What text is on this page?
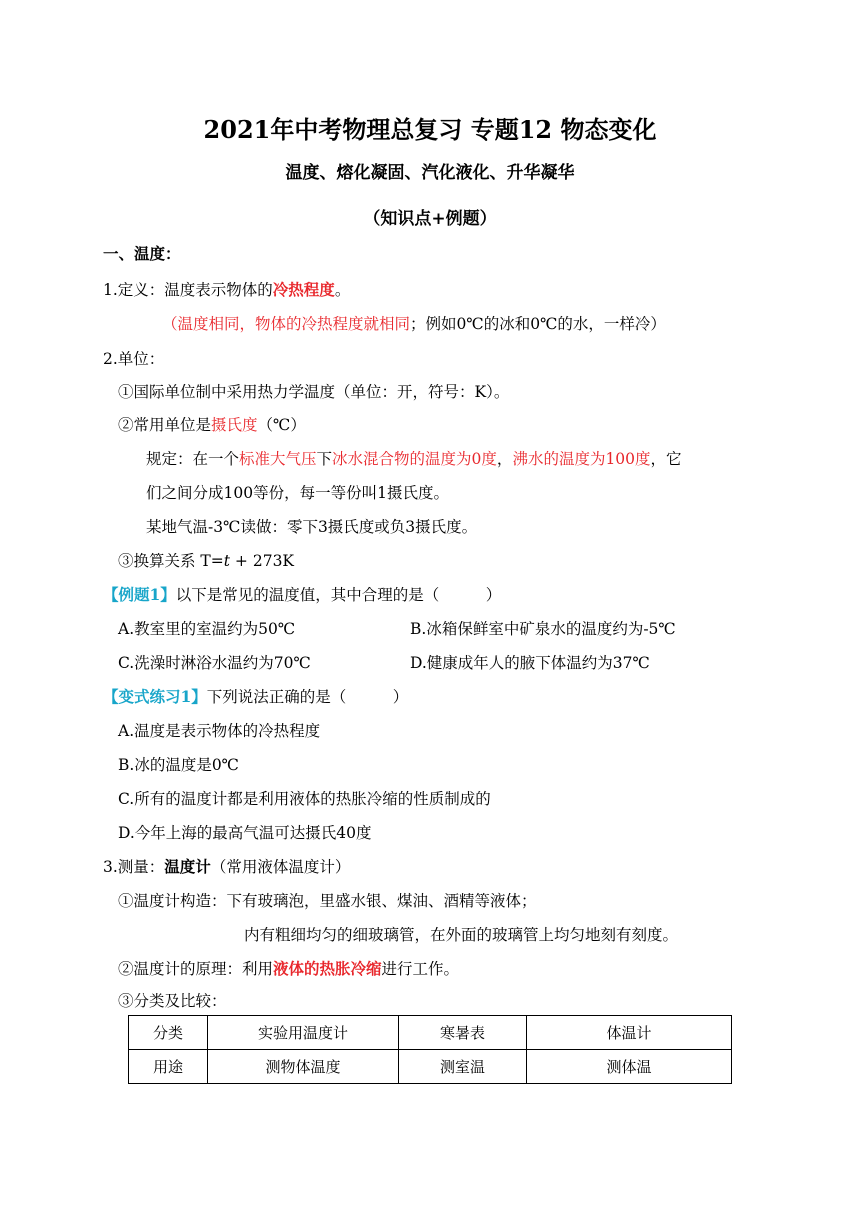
2021年中考物理总复习 专题12 物态变化
温度、熔化凝固、汽化液化、升华凝华
（知识点+例题）
一、温度：
1.定义：温度表示物体的冷热程度。
（温度相同，物体的冷热程度就相同；例如0℃的冰和0℃的水，一样冷）
2.单位：
①国际单位制中采用热力学温度（单位：开，符号：K）。
②常用单位是摄氏度（℃）
规定：在一个标准大气压下冰水混合物的温度为0度，沸水的温度为100度，它
们之间分成100等份，每一等份叫1摄氏度。
某地气温-3℃读做：零下3摄氏度或负3摄氏度。
③换算关系 T=t + 273K
【例题1】以下是常见的温度值，其中合理的是（　　　）
A.教室里的室温约为50℃	B.冰箱保鲜室中矿泉水的温度约为-5℃
C.洗澡时淋浴水温约为70℃	D.健康成年人的腋下体温约为37℃
【变式练习1】下列说法正确的是（　　　）
A.温度是表示物体的冷热程度
B.冰的温度是0℃
C.所有的温度计都是利用液体的热胀冷缩的性质制成的
D.今年上海的最高气温可达摄氏40度
3.测量：温度计（常用液体温度计）
①温度计构造：下有玻璃泡，里盛水银、煤油、酒精等液体；
内有粗细均匀的细玻璃管，在外面的玻璃管上均匀地刻有刻度。
②温度计的原理：利用液体的热胀冷缩进行工作。
③分类及比较：
分类	实验用温度计	寒暑表	体温计
用途	测物体温度	测室温	测体温
